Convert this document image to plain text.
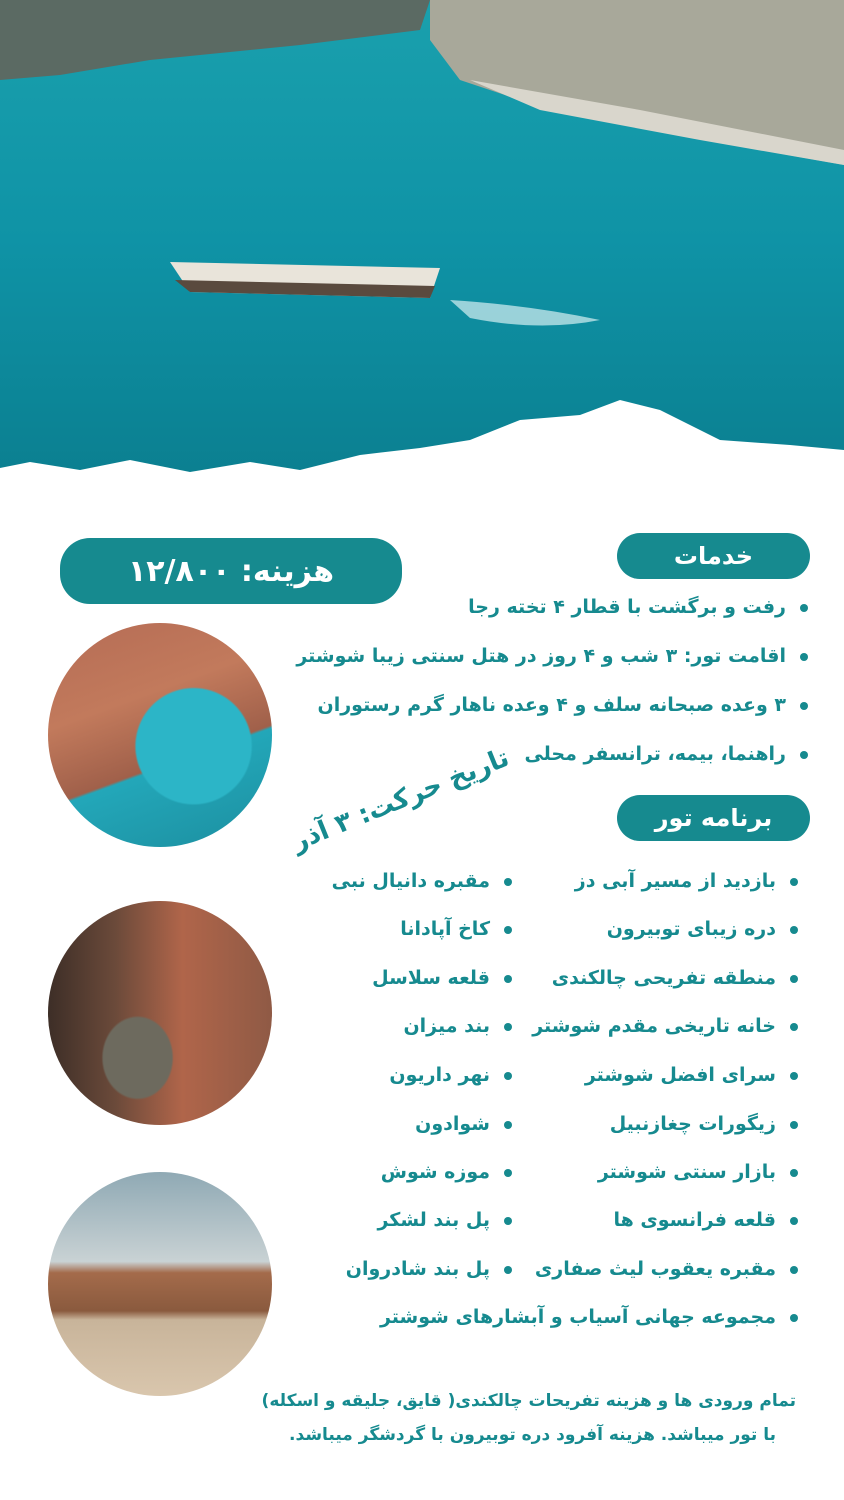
هزینه: ۱۲/۸۰۰	خدمات
رفت و برگشت با قطار ۴ تخته رجا
اقامت تور: ۳ شب و ۴ روز در هتل سنتی زیبا شوشتر
۳ وعده صبحانه سلف و ۴ وعده ناهار گرم رستوران
راهنما، بیمه، ترانسفر محلی
تاریخ حرکت: ۳ آذر	برنامه تور
بازدید از مسیر آبی دز
مقبره دانیال نبی
دره زیبای توبیرون
کاخ آپادانا
منطقه تفریحی چالکندی
قلعه سلاسل
خانه تاریخی مقدم شوشتر
بند میزان
سرای افضل شوشتر
نهر داریون
زیگورات چغازنبیل
شوادون
بازار سنتی شوشتر
موزه شوش
قلعه فرانسوی ها
پل بند لشکر
مقبره یعقوب لیث صفاری
پل بند شادروان
مجموعه جهانی آسیاب و آبشارهای شوشتر
تمام ورودی ها و هزینه تفریحات چالکندی( قایق، جلیقه و اسکله)
با تور میباشد. هزینه آفرود دره توبیرون با گردشگر میباشد.
